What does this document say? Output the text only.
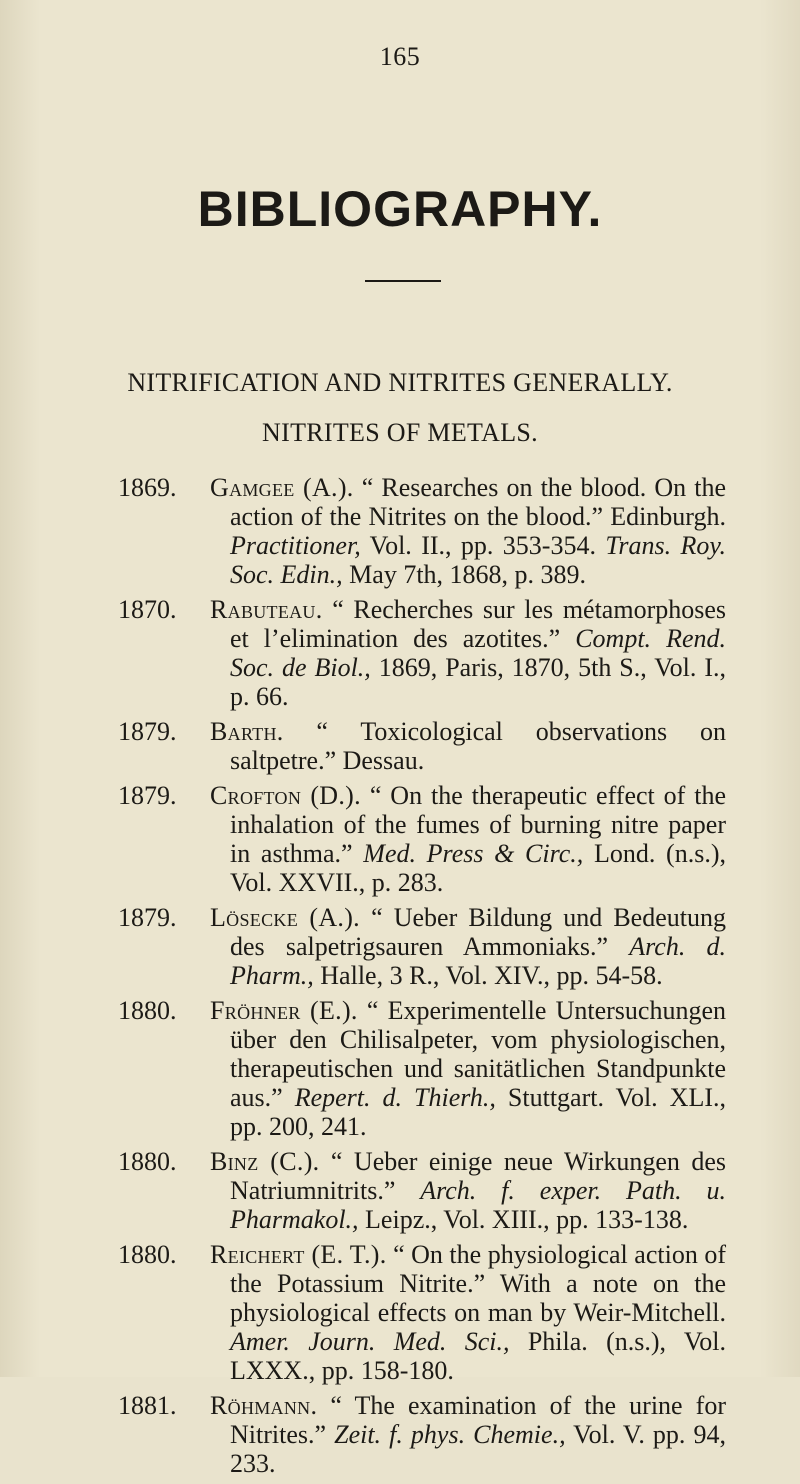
165
BIBLIOGRAPHY.
NITRIFICATION AND NITRITES GENERALLY.
NITRITES OF METALS.
1869.	Gamgee (A.). “ Researches on the blood. On the action of the Nitrites on the blood.” Edinburgh. Practitioner, Vol. II., pp. 353-354. Trans. Roy. Soc. Edin., May 7th, 1868, p. 389.
1870.	Rabuteau. “ Recherches sur les métamorphoses et l’elimination des azotites.” Compt. Rend. Soc. de Biol., 1869, Paris, 1870, 5th S., Vol. I., p. 66.
1879.	Barth. “ Toxicological observations on saltpetre.” Dessau.
1879.	Crofton (D.). “ On the therapeutic effect of the inhalation of the fumes of burning nitre paper in asthma.” Med. Press & Circ., Lond. (n.s.), Vol. XXVII., p. 283.
1879.	Lösecke (A.). “ Ueber Bildung und Bedeutung des salpetrigsauren Ammoniaks.” Arch. d. Pharm., Halle, 3 R., Vol. XIV., pp. 54-58.
1880.	Fröhner (E.). “ Experimentelle Untersuchungen über den Chilisalpeter, vom physiologischen, therapeutischen und sanitätlichen Standpunkte aus.” Repert. d. Thierh., Stuttgart. Vol. XLI., pp. 200, 241.
1880.	Binz (C.). “ Ueber einige neue Wirkungen des Natriumnitrits.” Arch. f. exper. Path. u. Pharmakol., Leipz., Vol. XIII., pp. 133-138.
1880.	Reichert (E. T.). “ On the physiological action of the Potassium Nitrite.” With a note on the physiological effects on man by Weir-Mitchell. Amer. Journ. Med. Sci., Phila. (n.s.), Vol. LXXX., pp. 158-180.
1881.	Röhmann. “ The examination of the urine for Nitrites.” Zeit. f. phys. Chemie., Vol. V. pp. 94, 233.
